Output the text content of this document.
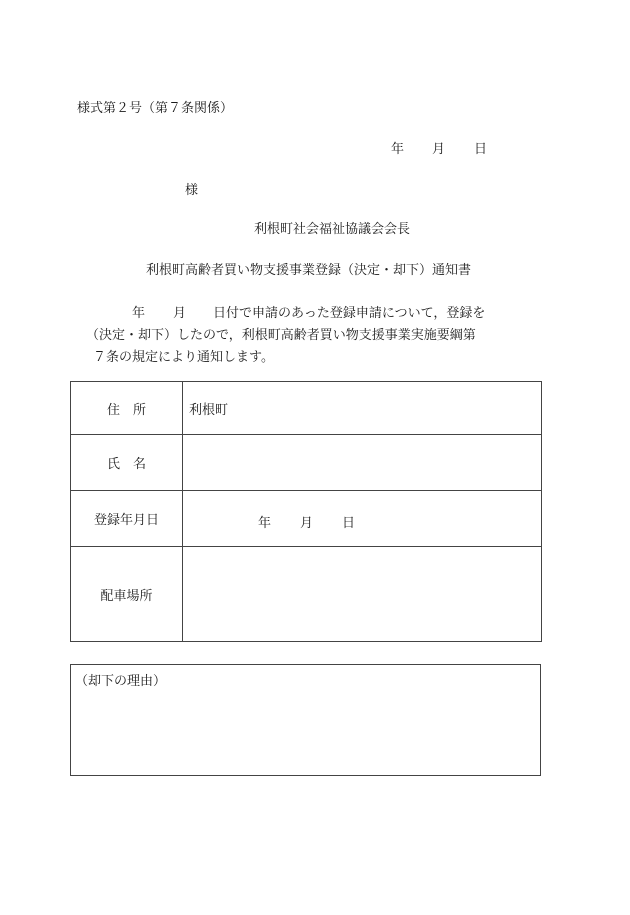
様式第２号（第７条関係）
年 月 日
様
利根町社会福祉協議会会長
利根町高齢者買い物支援事業登録（決定・却下）通知書
年 月 日付で申請のあった登録申請について，登録を
（決定・却下）したので，利根町高齢者買い物支援事業実施要綱第
７条の規定により通知します。
住　所	利根町
氏　名	
登録年月日	年 月 日

配車場所	
（却下の理由）
